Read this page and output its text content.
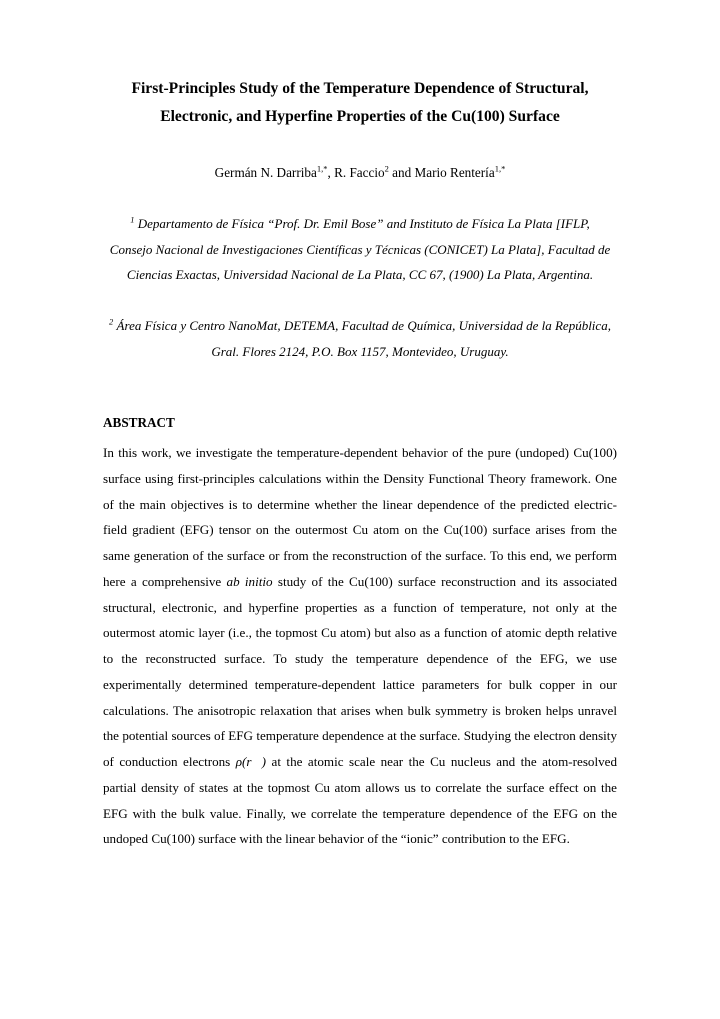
First-Principles Study of the Temperature Dependence of Structural, Electronic, and Hyperfine Properties of the Cu(100) Surface
Germán N. Darriba$^{1,*}$, R. Faccio$^2$ and Mario Rentería$^{1,*}$
$^1$ Departamento de Física “Prof. Dr. Emil Bose” and Instituto de Física La Plata [IFLP, Consejo Nacional de Investigaciones Científicas y Técnicas (CONICET) La Plata], Facultad de Ciencias Exactas, Universidad Nacional de La Plata, CC 67, (1900) La Plata, Argentina.
$^2$ Área Física y Centro NanoMat, DETEMA, Facultad de Química, Universidad de la República, Gral. Flores 2124, P.O. Box 1157, Montevideo, Uruguay.
ABSTRACT
In this work, we investigate the temperature-dependent behavior of the pure (undoped) Cu(100) surface using first-principles calculations within the Density Functional Theory framework. One of the main objectives is to determine whether the linear dependence of the predicted electric-field gradient (EFG) tensor on the outermost Cu atom on the Cu(100) surface arises from the same generation of the surface or from the reconstruction of the surface. To this end, we perform here a comprehensive ab initio study of the Cu(100) surface reconstruction and its associated structural, electronic, and hyperfine properties as a function of temperature, not only at the outermost atomic layer (i.e., the topmost Cu atom) but also as a function of atomic depth relative to the reconstructed surface. To study the temperature dependence of the EFG, we use experimentally determined temperature-dependent lattice parameters for bulk copper in our calculations. The anisotropic relaxation that arises when bulk symmetry is broken helps unravel the potential sources of EFG temperature dependence at the surface. Studying the electron density of conduction electrons ρ(r⃗) at the atomic scale near the Cu nucleus and the atom-resolved partial density of states at the topmost Cu atom allows us to correlate the surface effect on the EFG with the bulk value. Finally, we correlate the temperature dependence of the EFG on the undoped Cu(100) surface with the linear behavior of the “ionic” contribution to the EFG.
